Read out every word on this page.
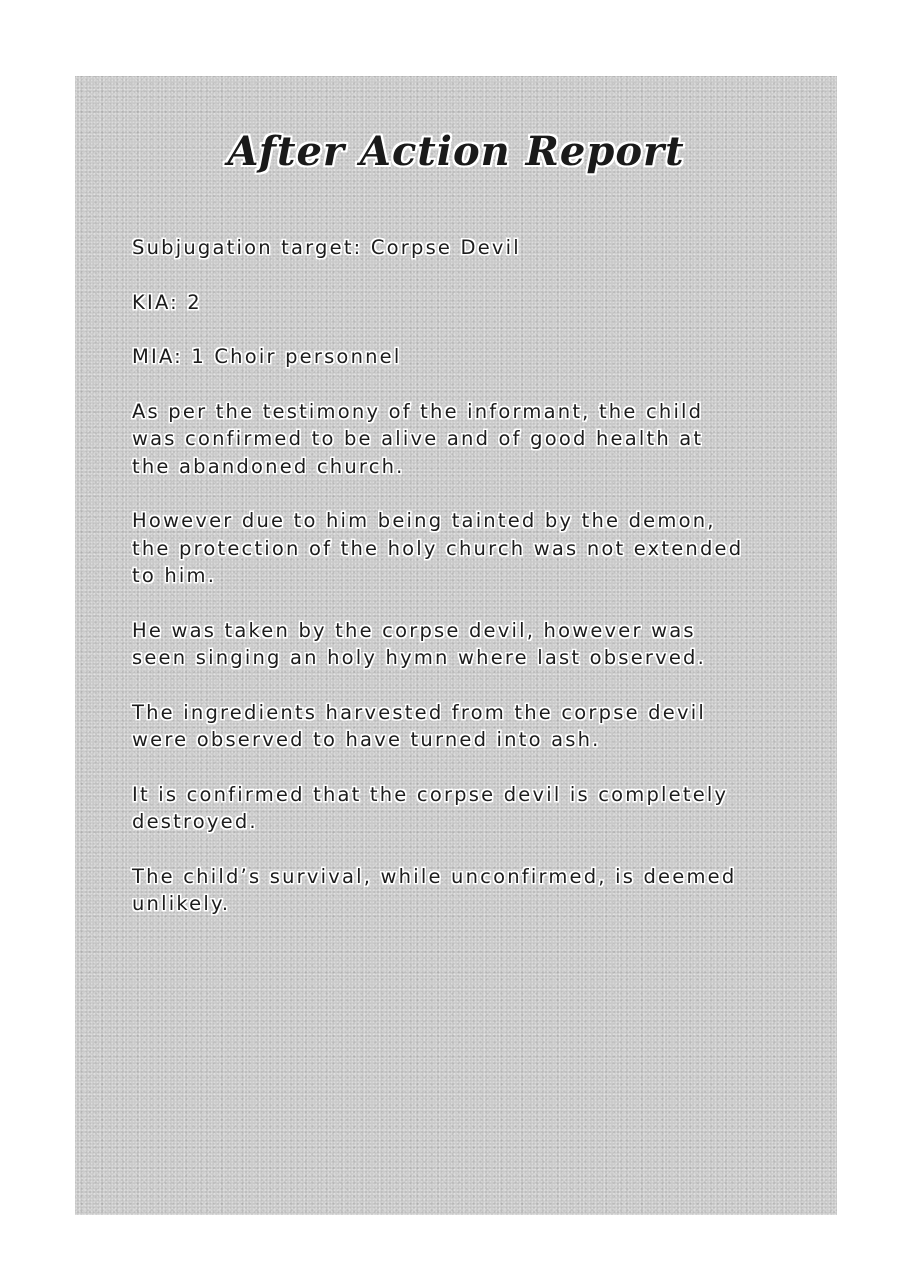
After Action Report

Subjugation target: Corpse Devil

KIA: 2

MIA: 1 Choir personnel

As per the testimony of the informant, the child
was confirmed to be alive and of good health at
the abandoned church.

However due to him being tainted by the demon,
the protection of the holy church was not extended
to him.

He was taken by the corpse devil, however was
seen singing an holy hymn where last observed.

The ingredients harvested from the corpse devil
were observed to have turned into ash.

It is confirmed that the corpse devil is completely
destroyed.

The child’s survival, while unconfirmed, is deemed
unlikely.
